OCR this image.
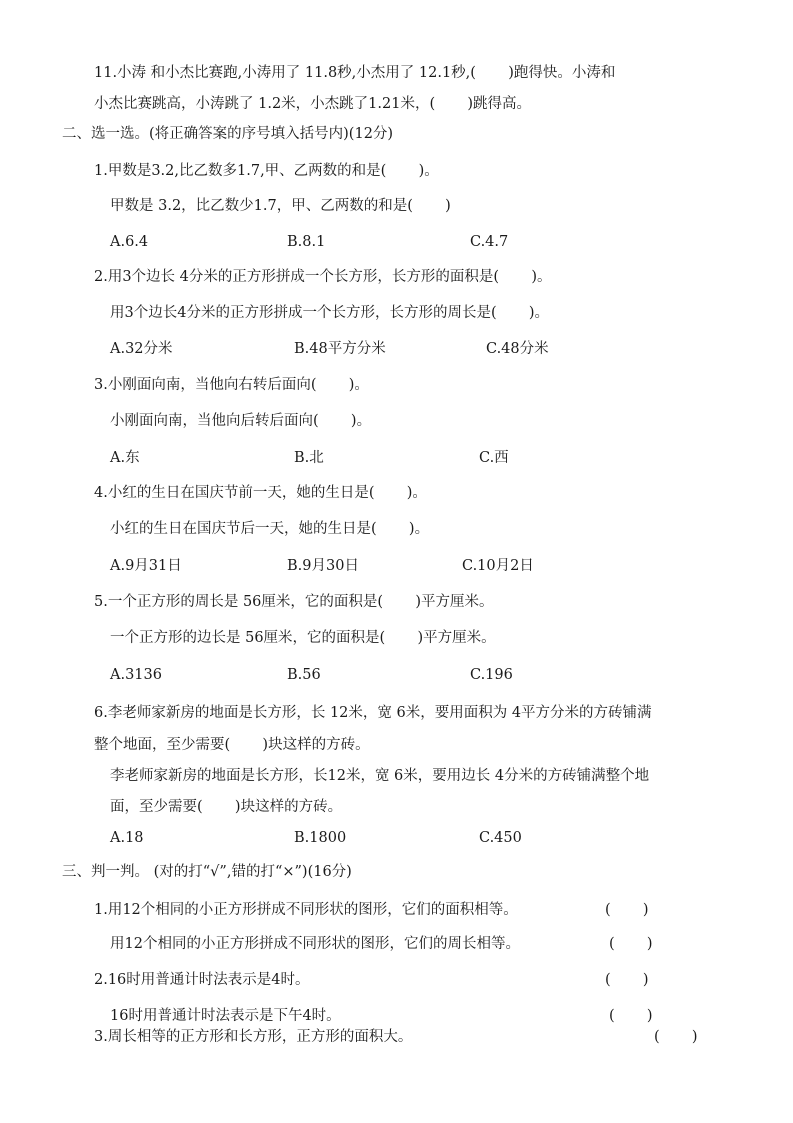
11.小涛 和小杰比赛跑,小涛用了 11.8秒,小杰用了 12.1秒,(       )跑得快。小涛和
小杰比赛跳高，小涛跳了 1.2米，小杰跳了1.21米，(       )跳得高。
二、选一选。(将正确答案的序号填入括号内)(12分)
1.甲数是3.2,比乙数多1.7,甲、乙两数的和是(       )。
甲数是 3.2，比乙数少1.7，甲、乙两数的和是(       )
A.6.4	B.8.1	C.4.7
2.用3个边长 4分米的正方形拼成一个长方形，长方形的面积是(       )。
用3个边长4分米的正方形拼成一个长方形，长方形的周长是(       )。
A.32分米	B.48平方分米	C.48分米
3.小刚面向南，当他向右转后面向(       )。
小刚面向南，当他向后转后面向(       )。
A.东	B.北	C.西
4.小红的生日在国庆节前一天，她的生日是(       )。
小红的生日在国庆节后一天，她的生日是(       )。
A.9月31日	B.9月30日	C.10月2日
5.一个正方形的周长是 56厘米，它的面积是(       )平方厘米。
一个正方形的边长是 56厘米，它的面积是(       )平方厘米。
A.3136	B.56	C.196
6.李老师家新房的地面是长方形，长 12米，宽 6米，要用面积为 4平方分米的方砖铺满
整个地面，至少需要(       )块这样的方砖。
李老师家新房的地面是长方形，长12米，宽 6米，要用边长 4分米的方砖铺满整个地
面，至少需要(       )块这样的方砖。
A.18	B.1800	C.450
三、判一判。 (对的打“√”,错的打“×”)(16分)
1.用12个相同的小正方形拼成不同形状的图形，它们的面积相等。	(       )
用12个相同的小正方形拼成不同形状的图形，它们的周长相等。	(       )
2.16时用普通计时法表示是4时。	(       )
16时用普通计时法表示是下午4时。	(       )
3.周长相等的正方形和长方形，正方形的面积大。	(       )
